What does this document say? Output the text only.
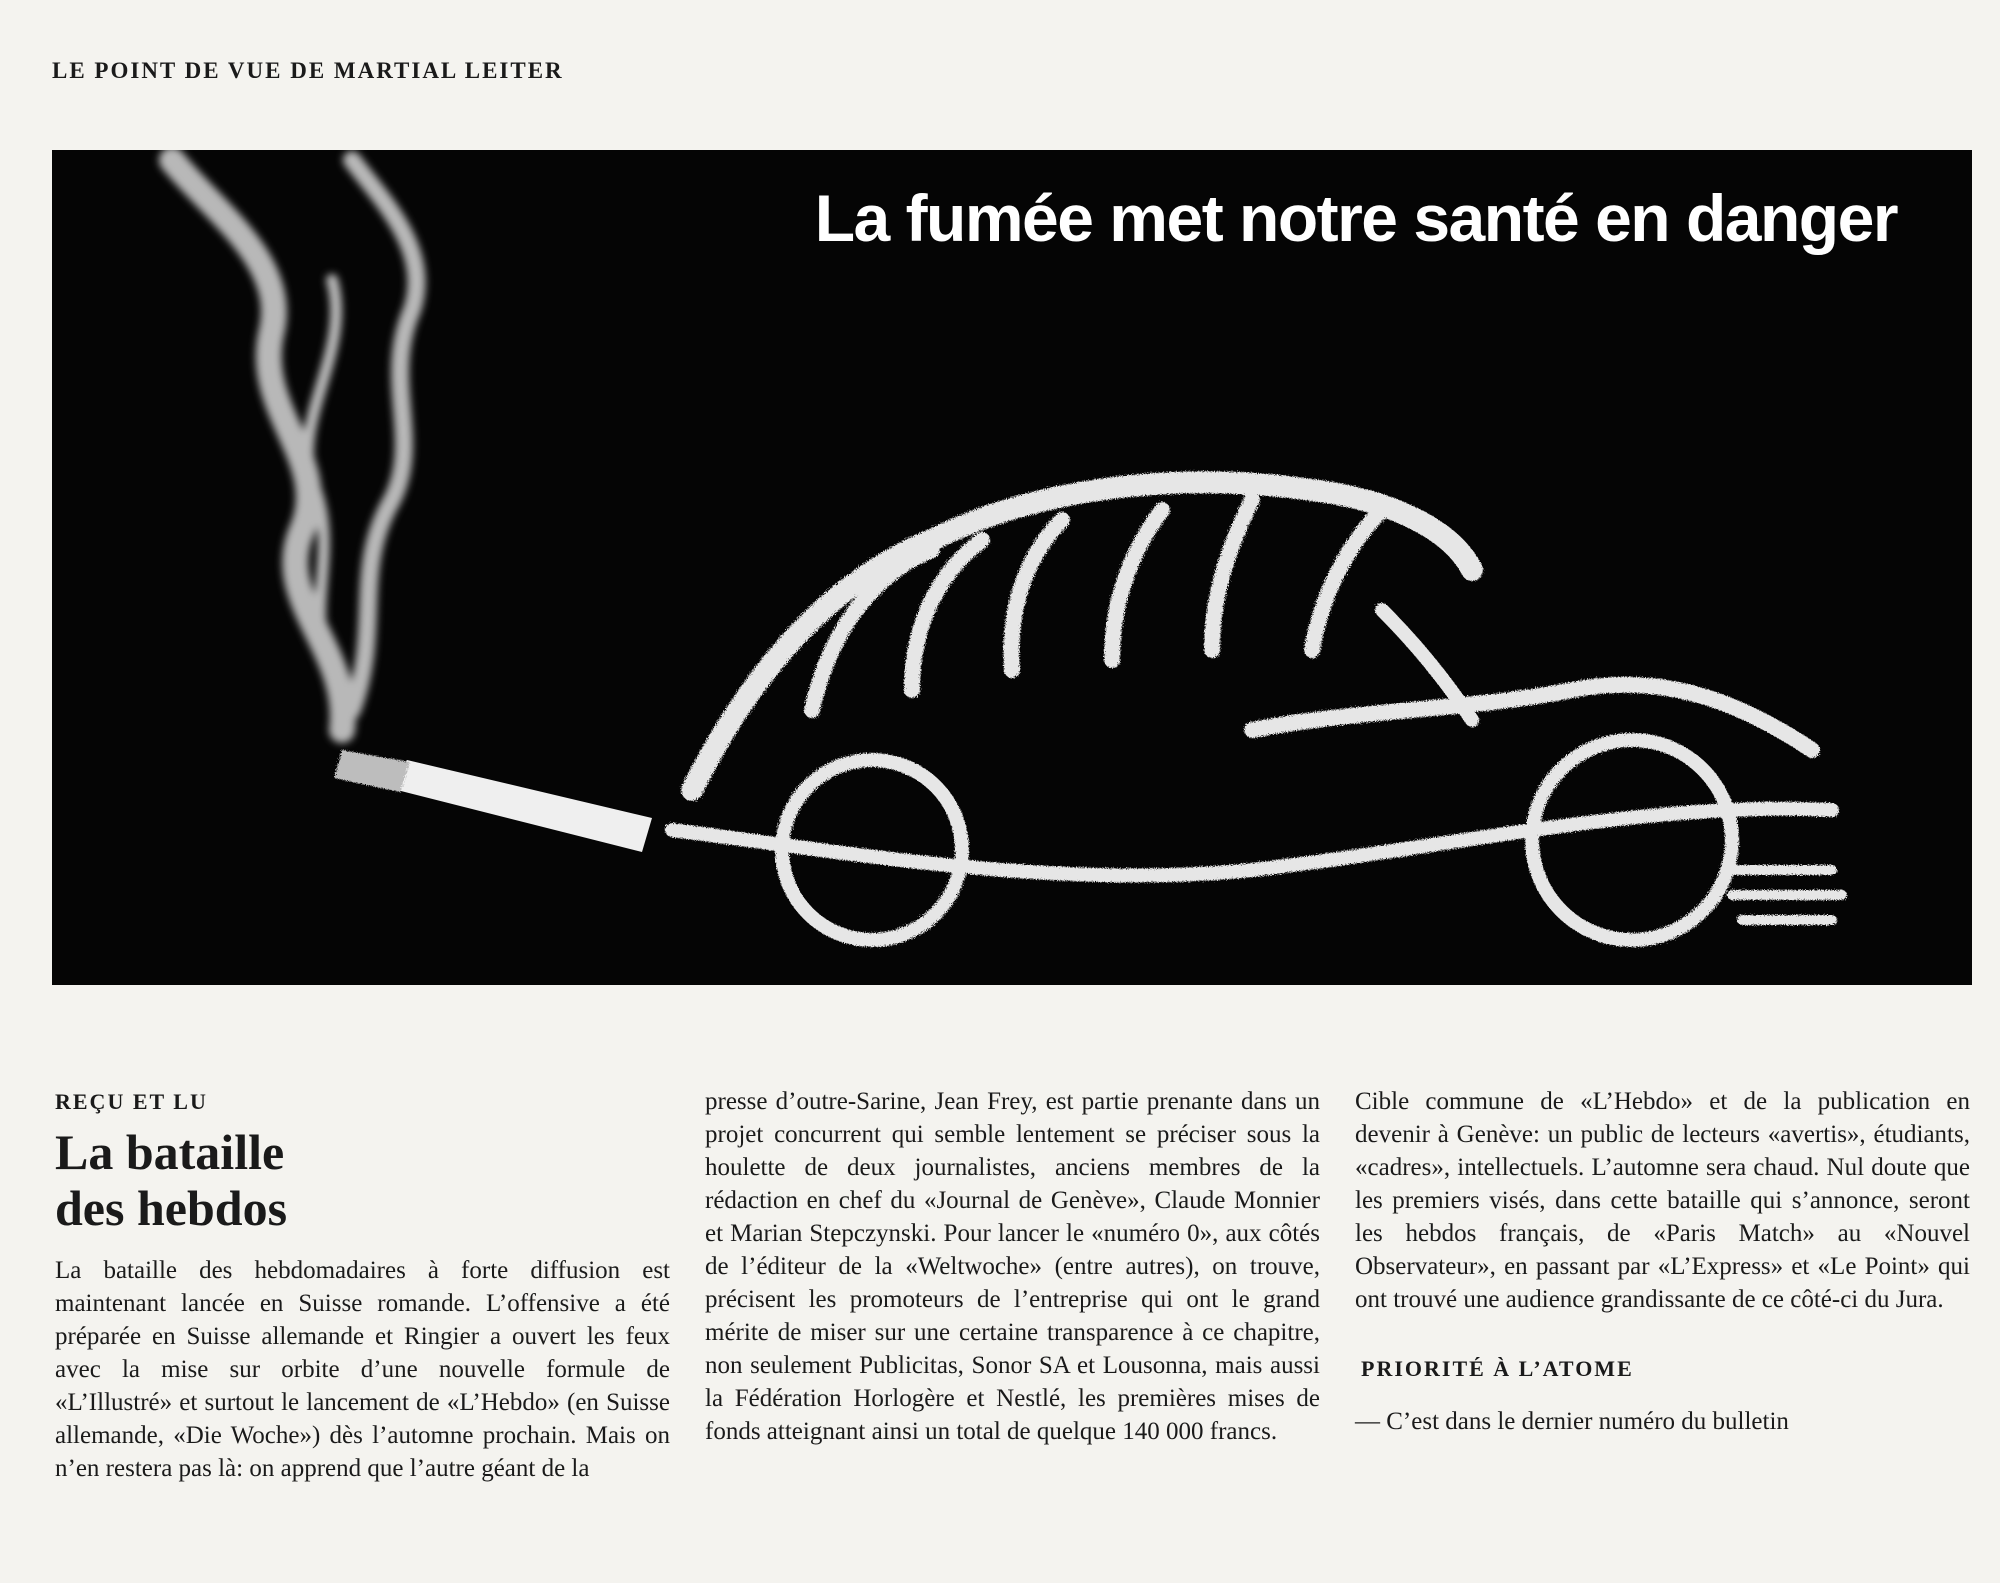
LE POINT DE VUE DE MARTIAL LEITER
La fumée met notre santé en danger
REÇU ET LU
La bataille
des hebdos

La bataille des hebdomadaires à forte diffusion est maintenant lancée en Suisse romande. L’offensive a été préparée en Suisse allemande et Ringier a ouvert les feux avec la mise sur orbite d’une nouvelle formule de «L’Illustré» et surtout le lancement de «L’Hebdo» (en Suisse allemande, «Die Woche») dès l’automne prochain. Mais on n’en restera pas là: on apprend que l’autre géant de la

presse d’outre-Sarine, Jean Frey, est partie prenante dans un projet concurrent qui semble lentement se préciser sous la houlette de deux journalistes, anciens membres de la rédaction en chef du «Journal de Genève», Claude Monnier et Marian Stepczynski. Pour lancer le «numéro 0», aux côtés de l’éditeur de la «Weltwoche» (entre autres), on trouve, précisent les promoteurs de l’entreprise qui ont le grand mérite de miser sur une certaine transparence à ce chapitre, non seulement Publicitas, Sonor SA et Lousonna, mais aussi la Fédération Horlogère et Nestlé, les premières mises de fonds atteignant ainsi un total de quelque 140 000 francs.

Cible commune de «L’Hebdo» et de la publication en devenir à Genève: un public de lecteurs «avertis», étudiants, «cadres», intellectuels. L’automne sera chaud. Nul doute que les premiers visés, dans cette bataille qui s’annonce, seront les hebdos français, de «Paris Match» au «Nouvel Observateur», en passant par «L’Express» et «Le Point» qui ont trouvé une audience grandissante de ce côté-ci du Jura.

PRIORITÉ À L’ATOME

— C’est dans le dernier numéro du bulletin
